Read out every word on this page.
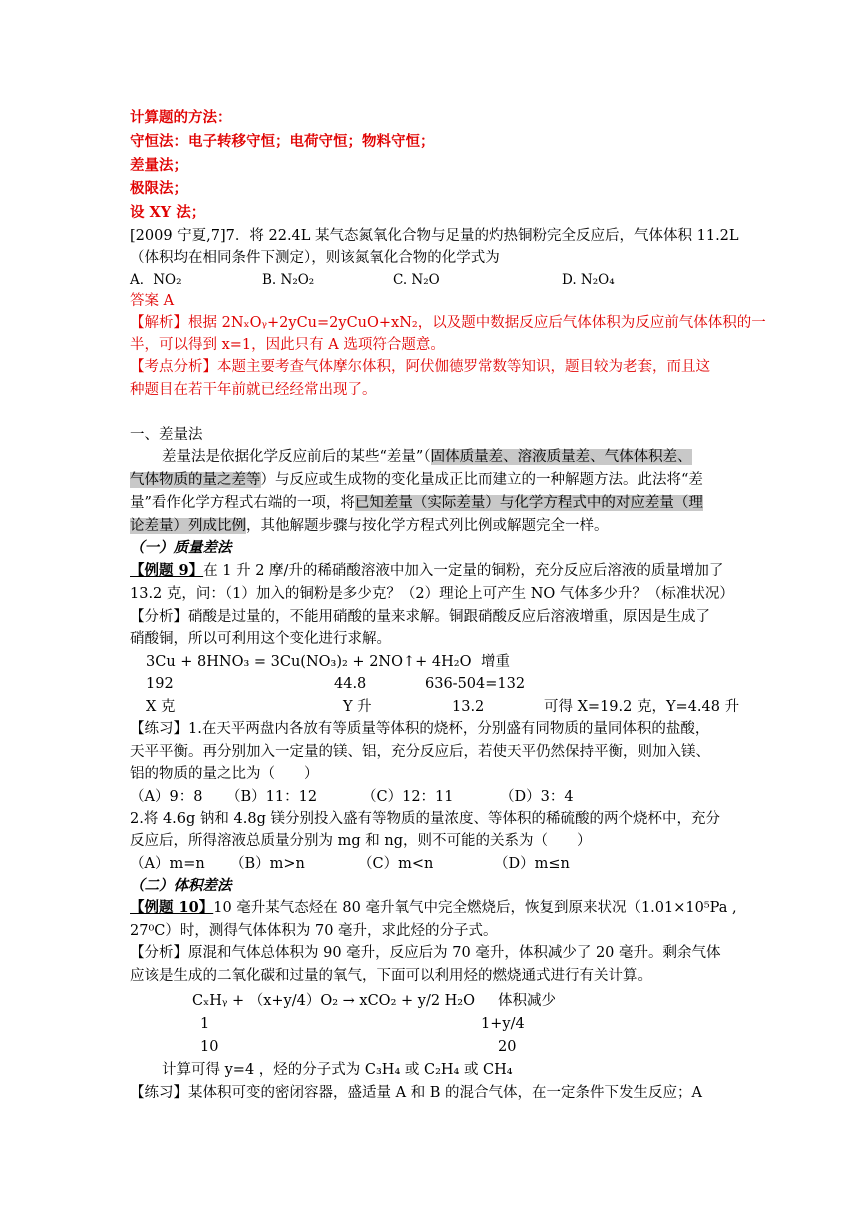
计算题的方法：
守恒法：电子转移守恒；电荷守恒；物料守恒；
差量法；
极限法；
设 XY 法；
[2009 宁夏,7]7．将 22.4L 某气态氮氧化合物与足量的灼热铜粉完全反应后，气体体积 11.2L
（体积均在相同条件下测定），则该氮氧化合物的化学式为
A．NO₂	B. N₂O₂	C. N₂O	D. N₂O₄
答案 A
【解析】根据 2NₓOᵧ+2yCu=2yCuO+xN₂，以及题中数据反应后气体体积为反应前气体体积的一
半，可以得到 x=1，因此只有 A 选项符合题意。
【考点分析】本题主要考查气体摩尔体积，阿伏伽德罗常数等知识，题目较为老套，而且这
种题目在若干年前就已经经常出现了。
一、差量法
差量法是依据化学反应前后的某些“差量”（固体质量差、溶液质量差、气体体积差、
气体物质的量之差等）与反应或生成物的变化量成正比而建立的一种解题方法。此法将“差
量”看作化学方程式右端的一项，将已知差量（实际差量）与化学方程式中的对应差量（理
论差量）列成比例，其他解题步骤与按化学方程式列比例或解题完全一样。
（一）质量差法
【例题 9】在 1 升 2 摩/升的稀硝酸溶液中加入一定量的铜粉，充分反应后溶液的质量增加了
13.2 克，问：（1）加入的铜粉是多少克？（2）理论上可产生 NO 气体多少升？（标准状况）
【分析】硝酸是过量的，不能用硝酸的量来求解。铜跟硝酸反应后溶液增重，原因是生成了
硝酸铜，所以可利用这个变化进行求解。
3Cu + 8HNO₃ = 3Cu(NO₃)₂ + 2NO↑+ 4H₂O 增重
192	44.8	636-504=132
X 克	Y 升	13.2	可得 X=19.2 克，Y=4.48 升
【练习】1.在天平两盘内各放有等质量等体积的烧杯，分别盛有同物质的量同体积的盐酸，
天平平衡。再分别加入一定量的镁、铝，充分反应后，若使天平仍然保持平衡，则加入镁、
铝的物质的量之比为（　　）
（A）9：8 （B）11：12	（C）12：11	（D）3：4
2.将 4.6g 钠和 4.8g 镁分别投入盛有等物质的量浓度、等体积的稀硫酸的两个烧杯中，充分
反应后，所得溶液总质量分别为 mg 和 ng，则不可能的关系为（　　）
（A）m=n （B）m>n	（C）m<n	（D）m≤n
（二）体积差法
【例题 10】10 毫升某气态烃在 80 毫升氧气中完全燃烧后，恢复到原来状况（1.01×10⁵Pa ,
27⁰C）时，测得气体体积为 70 毫升，求此烃的分子式。
【分析】原混和气体总体积为 90 毫升，反应后为 70 毫升，体积减少了 20 毫升。剩余气体
应该是生成的二氧化碳和过量的氧气，下面可以利用烃的燃烧通式进行有关计算。
CₓHᵧ + （x+y/4）O₂ → xCO₂ + y/2 H₂O 体积减少
1	1+y/4
10	20
计算可得 y=4 ，烃的分子式为 C₃H₄ 或 C₂H₄ 或 CH₄
【练习】某体积可变的密闭容器，盛适量 A 和 B 的混合气体，在一定条件下发生反应；A
